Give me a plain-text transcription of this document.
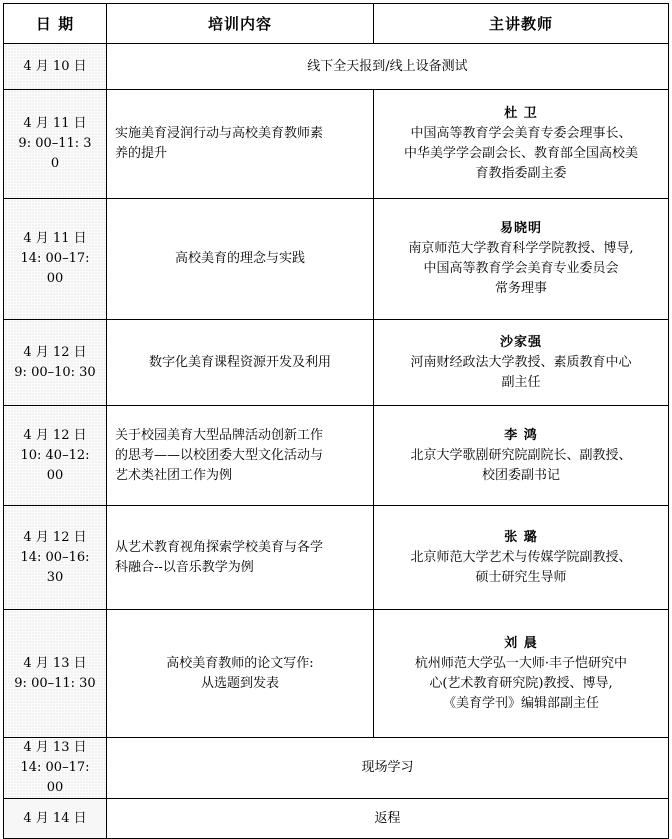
日 期	培训内容	主讲教师

4 月 10 日	线下全天报到/线上设备测试	

4 月 11 日
9: 00–11: 3
0	实施美育浸润行动与高校美育教师素
养的提升	杜 卫
中国高等教育学会美育专委会理事长、
中华美学学会副会长、教育部全国高校美
育教指委副主委

4 月 11 日
14: 00–17: 00	高校美育的理念与实践	易晓明
南京师范大学教育科学学院教授、博导,
中国高等教育学会美育专业委员会
常务理事

4 月 12 日
9: 00–10: 30	数字化美育课程资源开发及利用	沙家强
河南财经政法大学教授、素质教育中心
副主任

4 月 12 日
10: 40–12: 00	关于校园美育大型品牌活动创新工作
的思考——以校团委大型文化活动与
艺术类社团工作为例	李 鸿
北京大学歌剧研究院副院长、副教授、
校团委副书记

4 月 12 日
14: 00–16: 30	从艺术教育视角探索学校美育与各学
科融合--以音乐教学为例	张 璐
北京师范大学艺术与传媒学院副教授、
硕士研究生导师

4 月 13 日
9: 00–11: 30	高校美育教师的论文写作:
从选题到发表	刘 晨
杭州师范大学弘一大师·丰子恺研究中
心(艺术教育研究院)教授、博导,
《美育学刊》编辑部副主任

4 月 13 日
14: 00–17: 00	现场学习	

4 月 14 日	返程	
